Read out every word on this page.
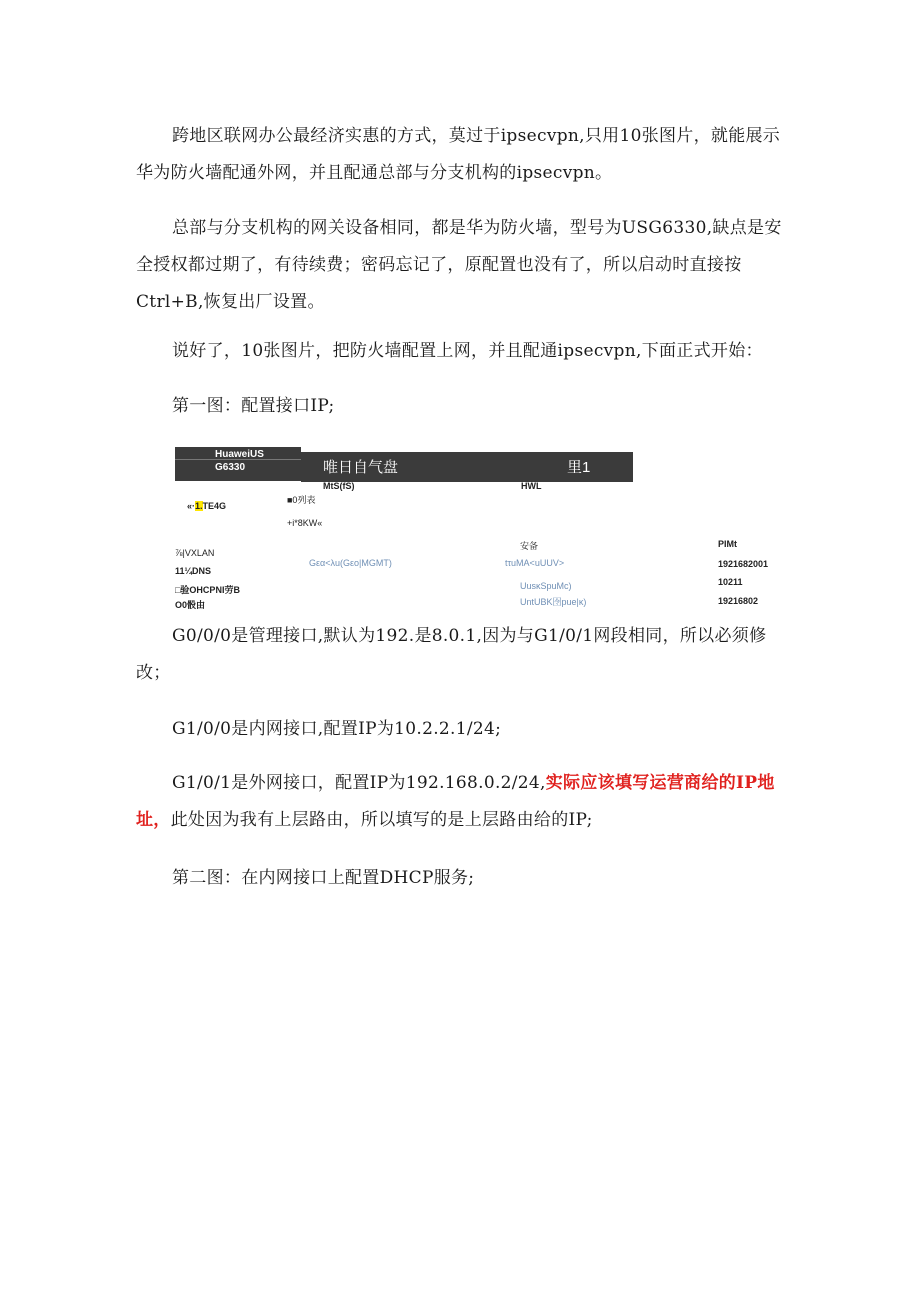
跨地区联网办公最经济实惠的方式，莫过于ipsecvpn,只用10张图片，就能展示华为防火墙配通外网，并且配通总部与分支机构的ipsecvpn。

总部与分支机构的网关设备相同，都是华为防火墙，型号为USG6330,缺点是安全授权都过期了，有待续费；密码忘记了，原配置也没有了，所以启动时直接按Ctrl+B,恢复出厂设置。

说好了，10张图片，把防火墙配置上网，并且配通ipsecvpn,下面正式开始：

第一图：配置接口IP;

HuaweiUS
G6330	唯日自气盘	里1
MtS(fS)	HWL
«·1.TE4G
■0列表
+i*8KW«
⅞|VXLAN
11¼DNS
□验OHCPNI劳B
O0骰由
安备	PIMt
Gεα<λu(Gεo|MGMT)	tτuMA<uUUV>	1921682001
UusκSpuMc)	10211
UntUBK囹pue|κ)	19216802

G0/0/0是管理接口,默认为192.是8.0.1,因为与G1/0/1网段相同，所以必须修改；

G1/0/0是内网接口,配置IP为10.2.2.1/24;

G1/0/1是外网接口，配置IP为192.168.0.2/24,实际应该填写运营商给的IP地址，此处因为我有上层路由，所以填写的是上层路由给的IP;

第二图：在内网接口上配置DHCP服务;
